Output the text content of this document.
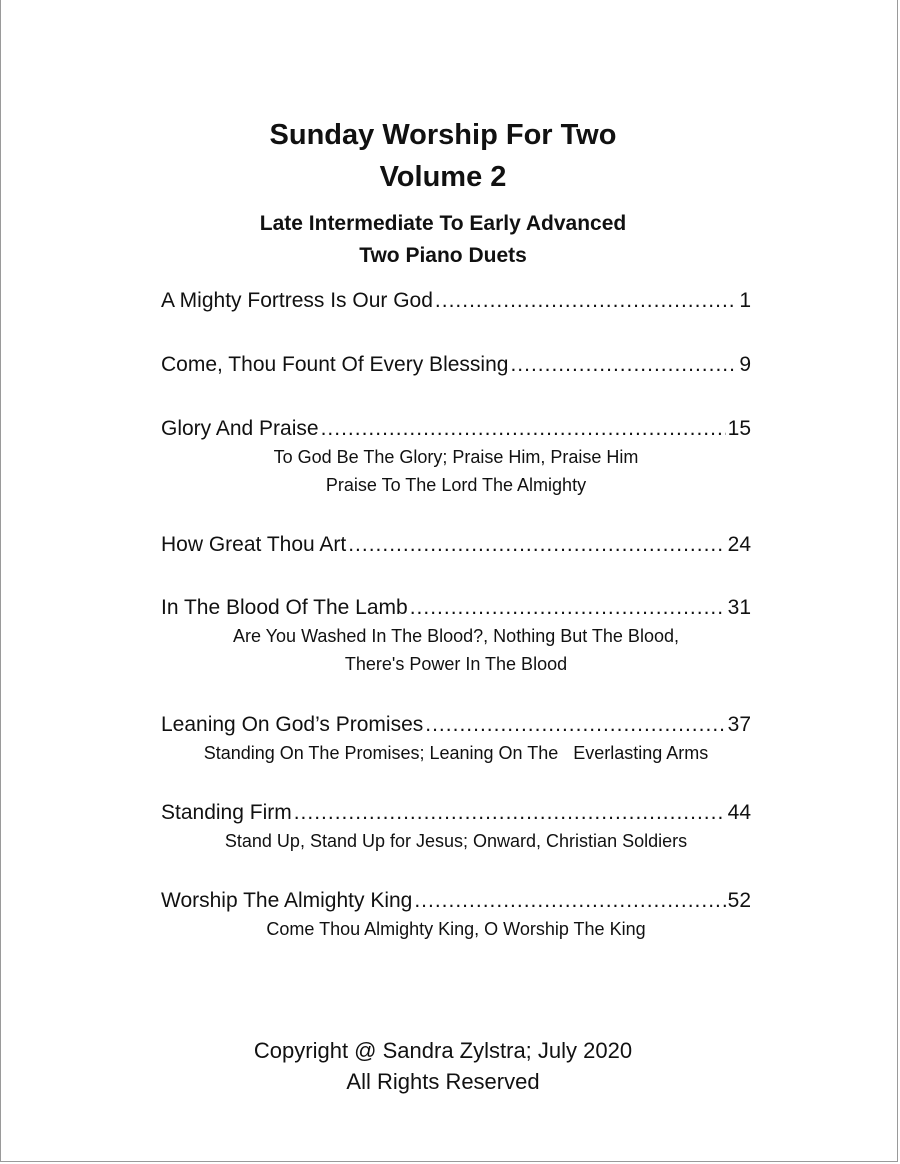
Sunday Worship For Two
Volume 2
Late Intermediate To Early Advanced
Two Piano Duets
A Mighty Fortress Is Our God .....	1
Come, Thou Fount Of Every Blessing .....	9
Glory And Praise .....	15
To God Be The Glory; Praise Him, Praise Him
Praise To The Lord The Almighty
How Great Thou Art .....	24
In The Blood Of The Lamb .....	31
Are You Washed In The Blood?, Nothing But The Blood,
There's Power In The Blood
Leaning On God’s Promises .....	37
Standing On The Promises; Leaning On The   Everlasting Arms
Standing Firm .....	44
Stand Up, Stand Up for Jesus; Onward, Christian Soldiers
Worship The Almighty King .....	52
Come Thou Almighty King, O Worship The King
Copyright @ Sandra Zylstra; July 2020
All Rights Reserved
